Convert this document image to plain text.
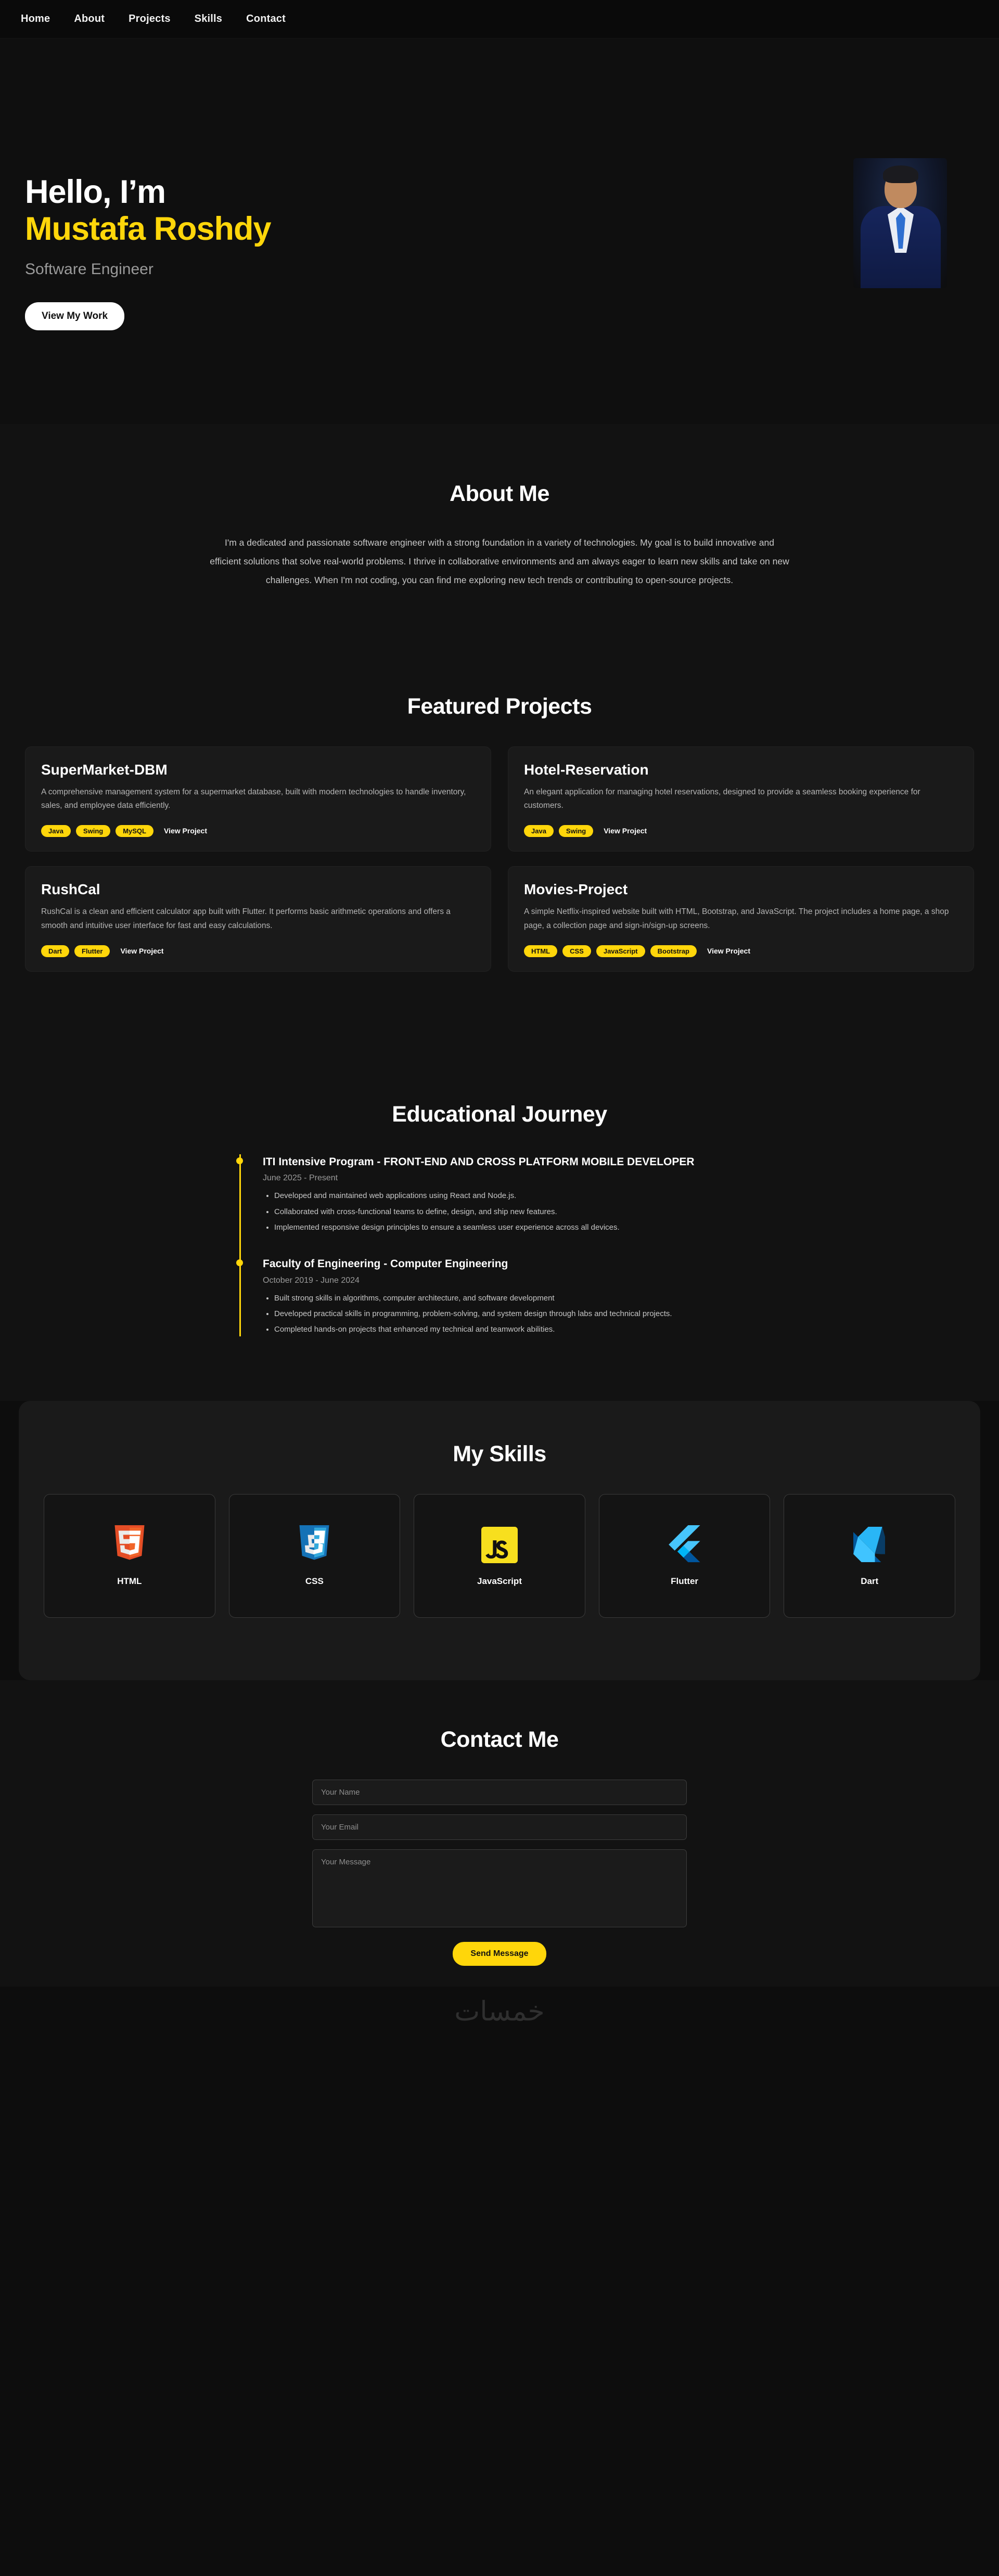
Home About Projects Skills Contact
Hello, I’m
Mustafa Roshdy

Software Engineer

View My Work
About Me

I'm a dedicated and passionate software engineer with a strong foundation in a variety of technologies. My goal is to build innovative and efficient solutions that solve real-world problems. I thrive in collaborative environments and am always eager to learn new skills and take on new challenges. When I'm not coding, you can find me exploring new tech trends or contributing to open-source projects.

Featured Projects
SuperMarket-DBM

A comprehensive management system for a supermarket database, built with modern technologies to handle inventory, sales, and employee data efficiently.

Java	Swing	MySQL	View Project
Hotel-Reservation

An elegant application for managing hotel reservations, designed to provide a seamless booking experience for customers.

Java	Swing	View Project
RushCal

RushCal is a clean and efficient calculator app built with Flutter. It performs basic arithmetic operations and offers a smooth and intuitive user interface for fast and easy calculations.

Dart	Flutter	View Project
Movies-Project

A simple Netflix-inspired website built with HTML, Bootstrap, and JavaScript. The project includes a home page, a shop page, a collection page and sign-in/sign-up screens.

HTML	CSS	JavaScript	Bootstrap	View Project
Educational Journey
ITI Intensive Program - FRONT-END AND CROSS PLATFORM MOBILE DEVELOPER

June 2025 - Present

• Developed and maintained web applications using React and Node.js.
• Collaborated with cross-functional teams to define, design, and ship new features.
• Implemented responsive design principles to ensure a seamless user experience across all devices.
Faculty of Engineering - Computer Engineering

October 2019 - June 2024

• Built strong skills in algorithms, computer architecture, and software development
• Developed practical skills in programming, problem-solving, and system design through labs and technical projects.
• Completed hands-on projects that enhanced my technical and teamwork abilities.
My Skills
HTML	CSS	JavaScript	Flutter	Dart
Contact Me
Your Name
Your Email
Your Message
Send Message
خمسات
